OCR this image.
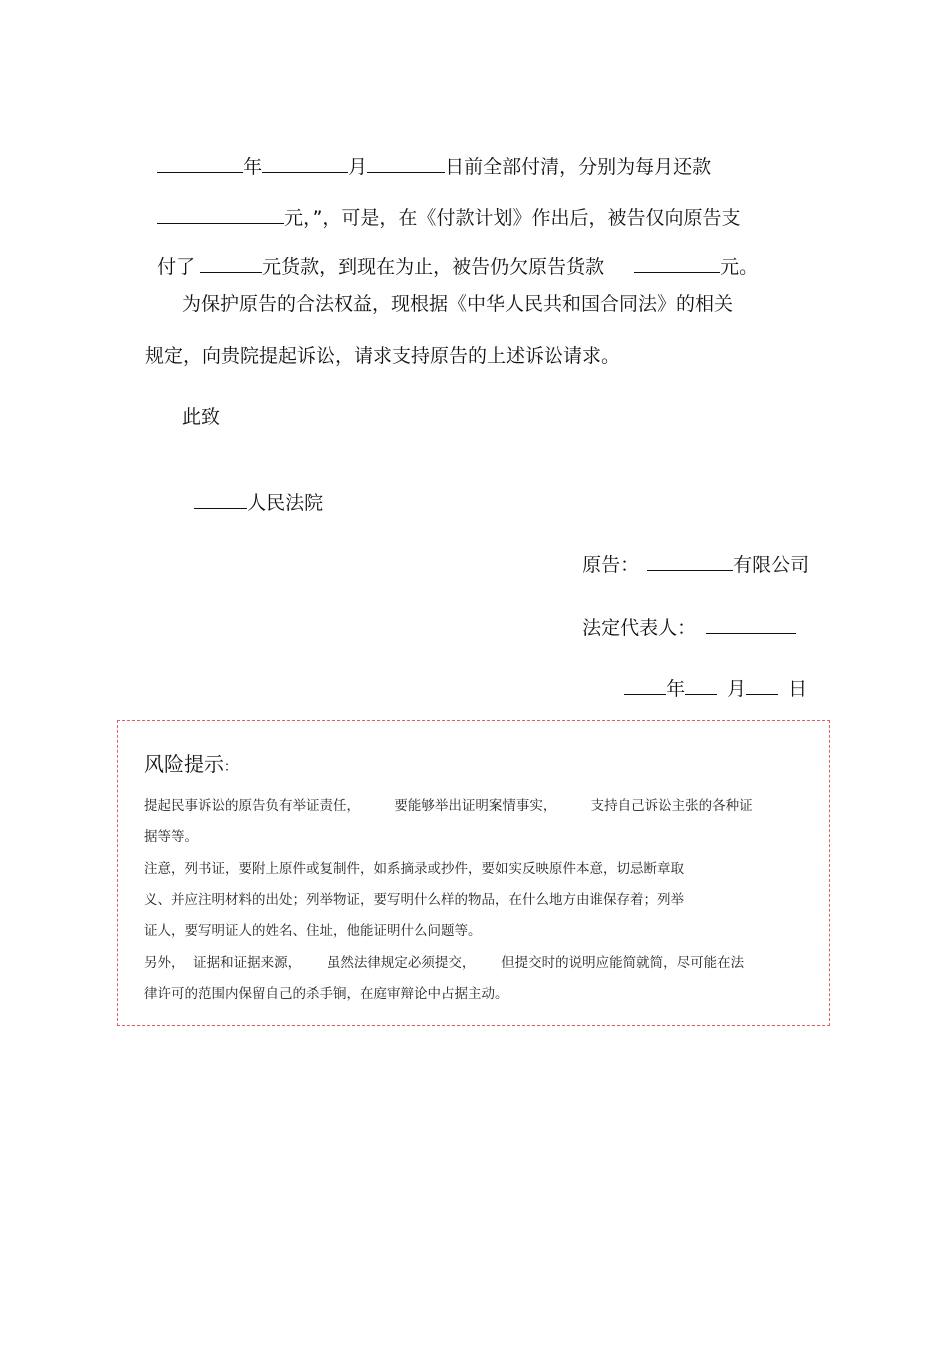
年	月	日前全部付清，分别为每月还款

元，”，可是，在《付款计划》作出后，被告仅向原告支

付了	元货款，到现在为止，被告仍欠原告货款	元。

为保护原告的合法权益，现根据《中华人民共和国合同法》的相关
规定，向贵院提起诉讼，请求支持原告的上述诉讼请求。
此致

人民法院

原告：	有限公司

法定代表人：

年 月 日

风险提示：
提起民事诉讼的原告负有举证责任，        要能够举出证明案情事实，        支持自己诉讼主张的各种证
据等等。
注意，列书证，要附上原件或复制件，如系摘录或抄件，要如实反映原件本意，切忌断章取
义、并应注明材料的出处；列举物证，要写明什么样的物品，在什么地方由谁保存着；列举
证人，要写明证人的姓名、住址，他能证明什么问题等。
另外，  证据和证据来源，      虽然法律规定必须提交，      但提交时的说明应能简就简，尽可能在法
律许可的范围内保留自己的杀手锏，在庭审辩论中占据主动。
